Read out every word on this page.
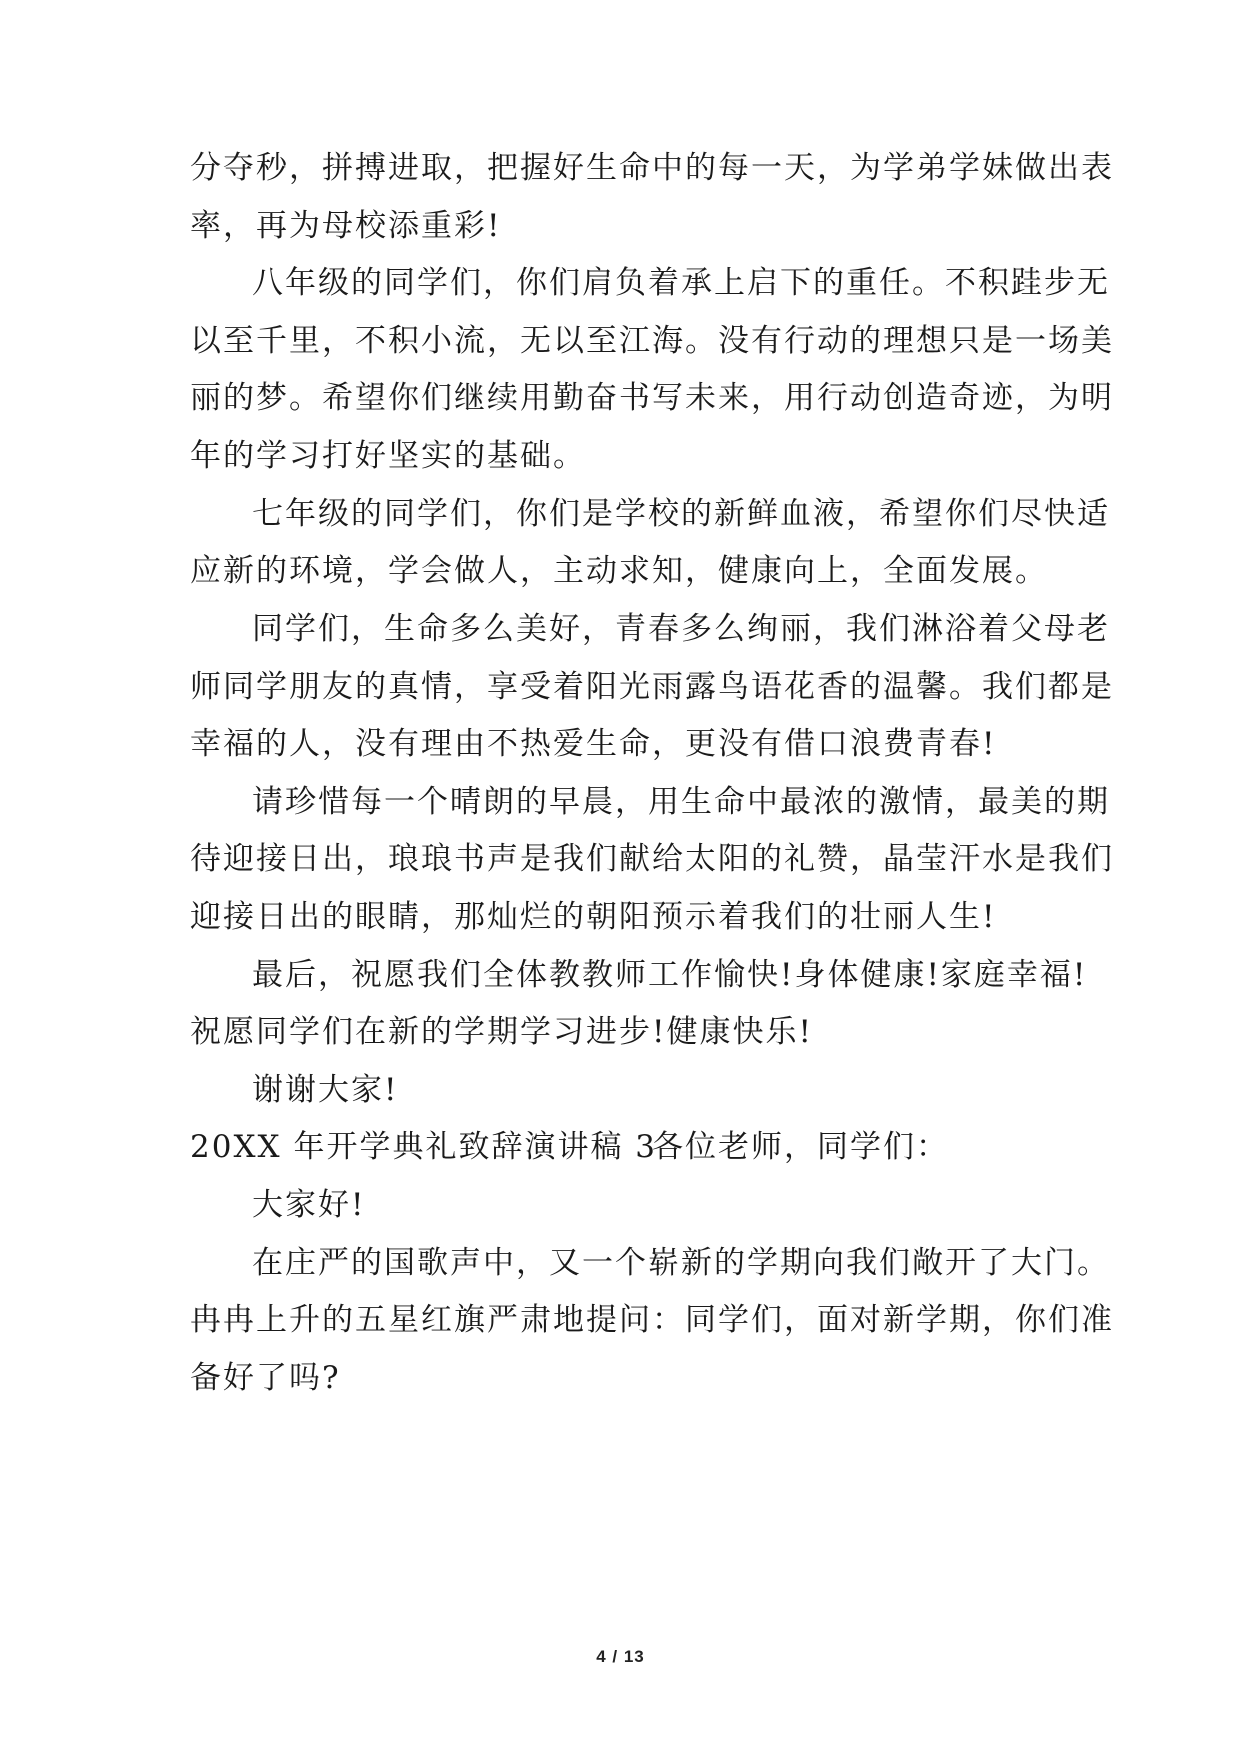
分夺秒，拼搏进取，把握好生命中的每一天，为学弟学妹做出表
率，再为母校添重彩!
八年级的同学们，你们肩负着承上启下的重任。不积跬步无
以至千里，不积小流，无以至江海。没有行动的理想只是一场美
丽的梦。希望你们继续用勤奋书写未来，用行动创造奇迹，为明
年的学习打好坚实的基础。
七年级的同学们，你们是学校的新鲜血液，希望你们尽快适
应新的环境，学会做人，主动求知，健康向上，全面发展。
同学们，生命多么美好，青春多么绚丽，我们淋浴着父母老
师同学朋友的真情，享受着阳光雨露鸟语花香的温馨。我们都是
幸福的人，没有理由不热爱生命，更没有借口浪费青春!
请珍惜每一个晴朗的早晨，用生命中最浓的激情，最美的期
待迎接日出，琅琅书声是我们献给太阳的礼赞，晶莹汗水是我们
迎接日出的眼睛，那灿烂的朝阳预示着我们的壮丽人生!
最后，祝愿我们全体教教师工作愉快!身体健康!家庭幸福!
祝愿同学们在新的学期学习进步!健康快乐!
谢谢大家!
20XX 年开学典礼致辞演讲稿 3
各位老师，同学们：
大家好!
在庄严的国歌声中，又一个崭新的学期向我们敞开了大门。
冉冉上升的五星红旗严肃地提问：同学们，面对新学期，你们准
备好了吗?
4 / 13
